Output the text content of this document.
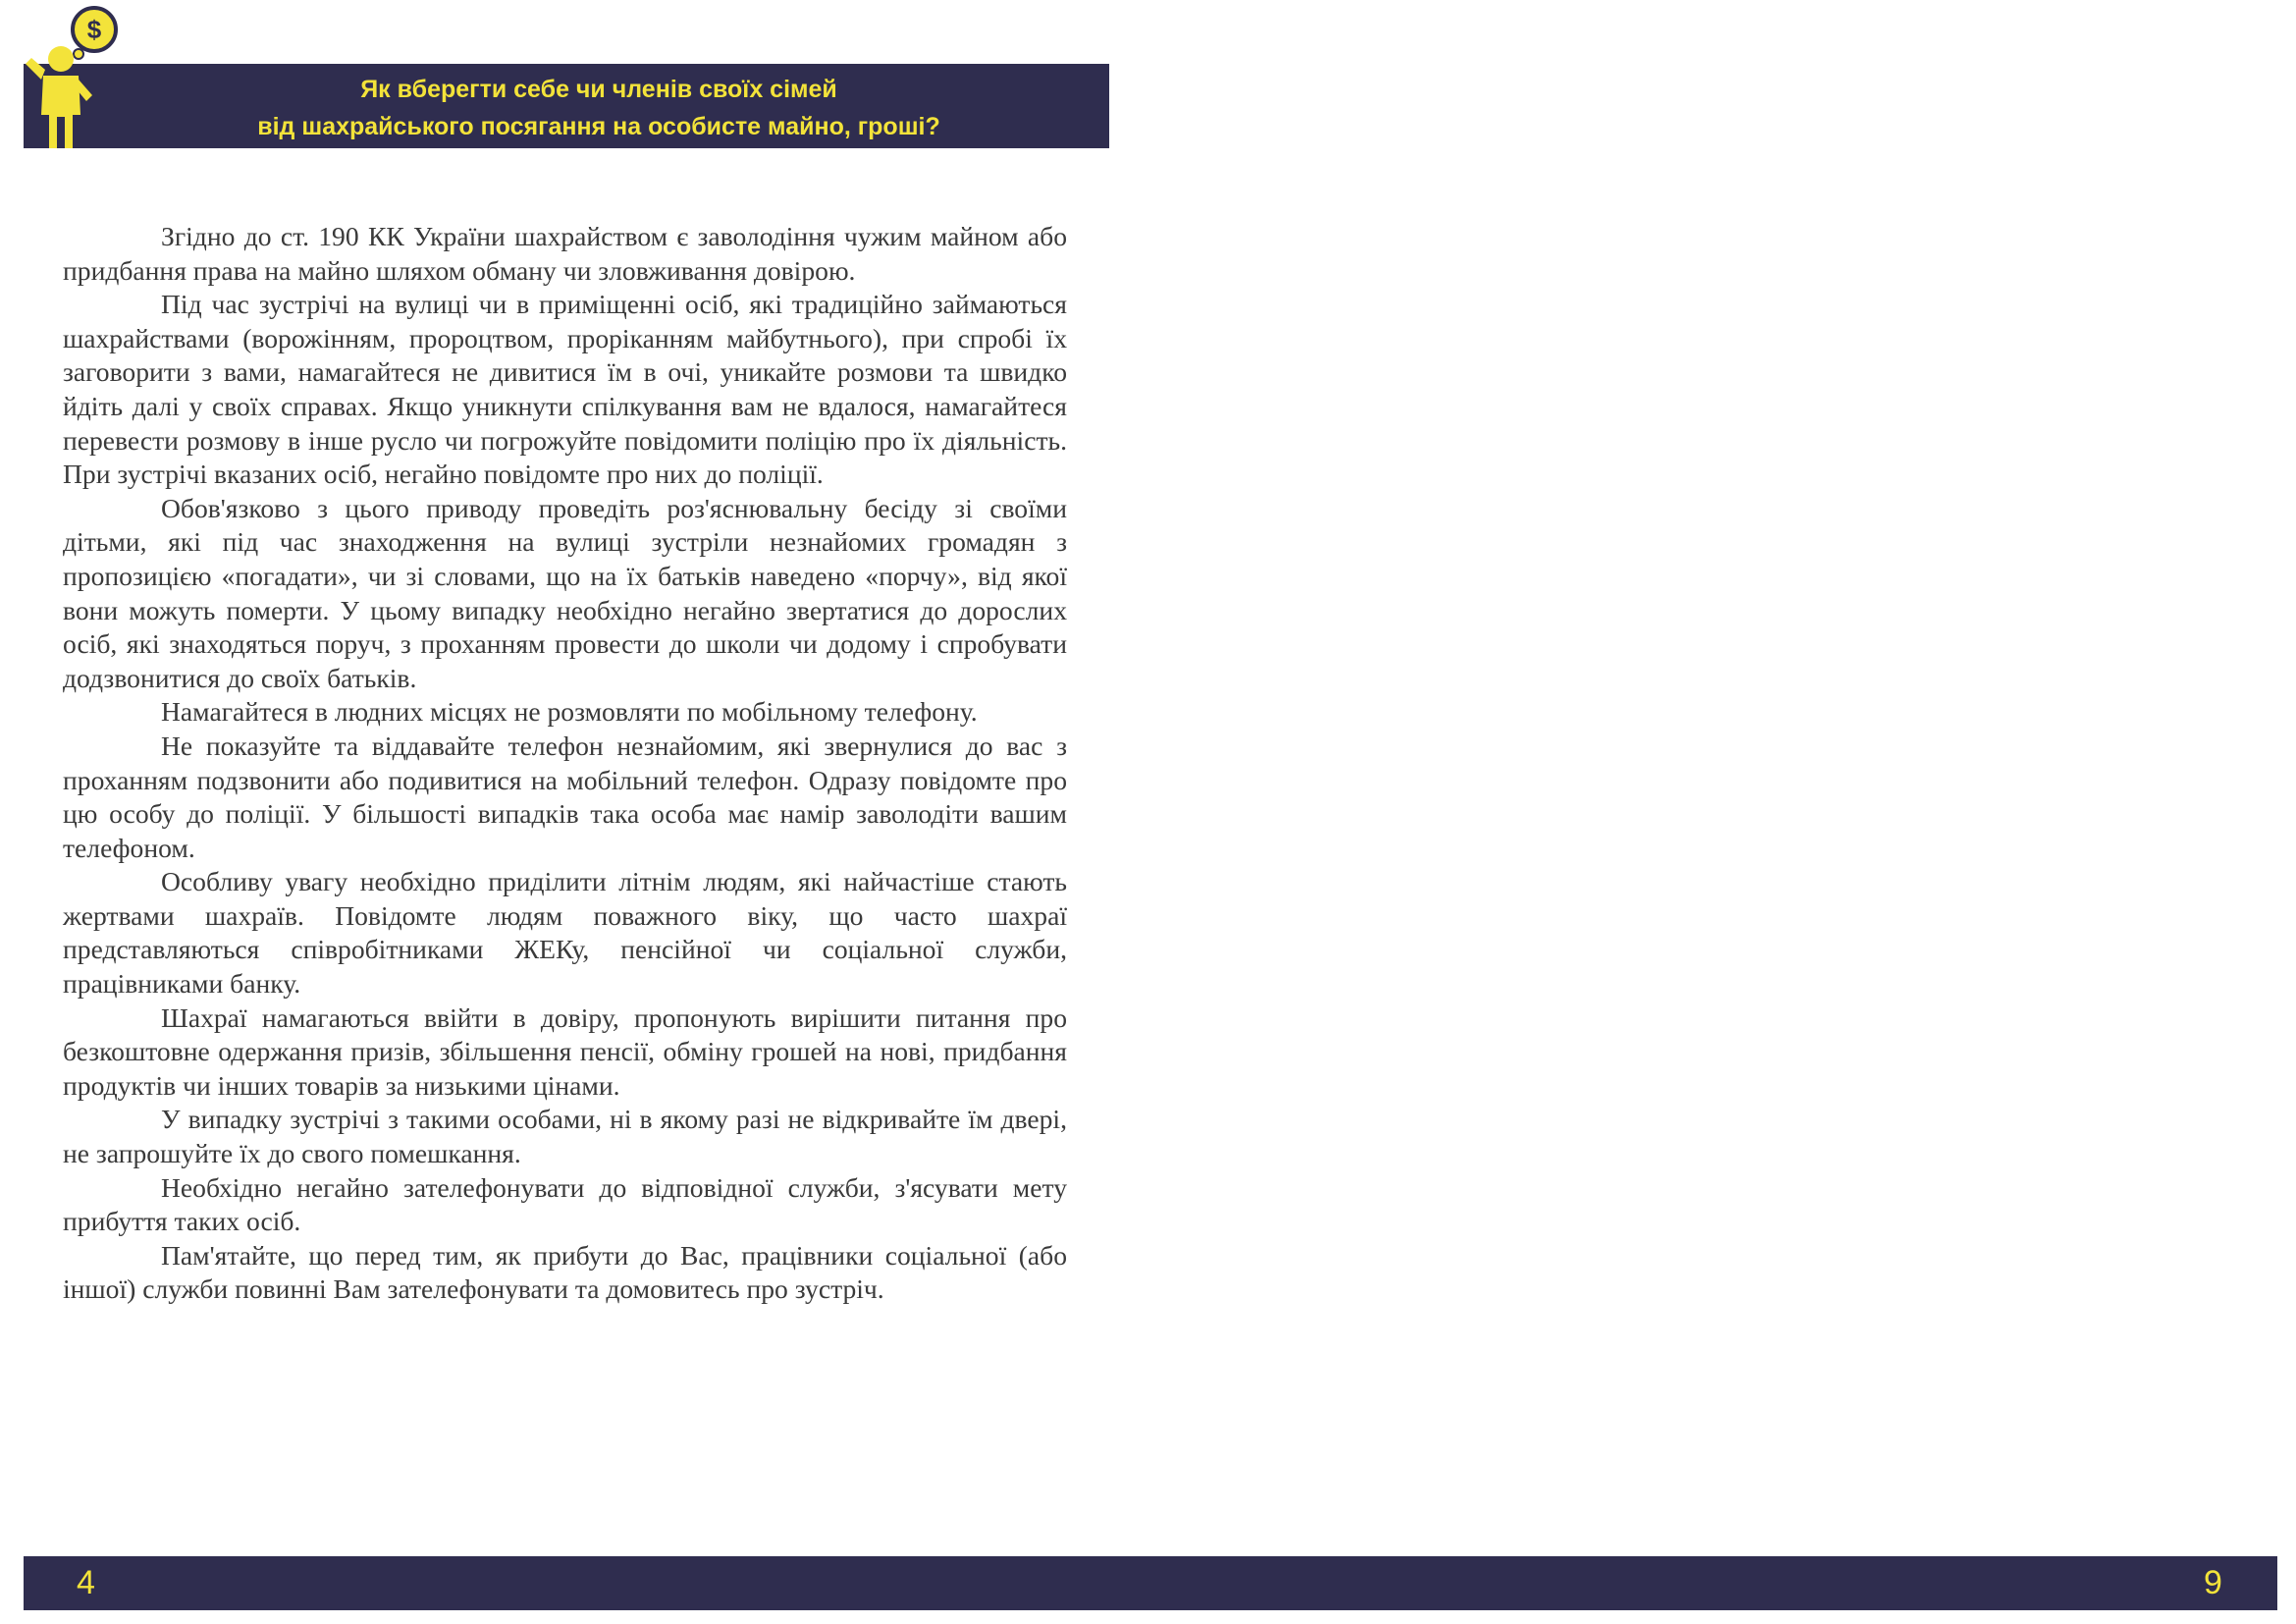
$
Як вберегти себе чи членів своїх сімей
від шахрайського посягання на особисте майно, гроші?

Згідно до ст. 190 КК України шахрайством є заволодіння чужим майном або придбання права на майно шляхом обману чи зловживання довірою.

Під час зустрічі на вулиці чи в приміщенні осіб, які традиційно займаються шахрайствами (ворожінням, пророцтвом, проріканням майбутнього), при спробі їх заговорити з вами, намагайтеся не дивитися їм в очі, уникайте розмови та швидко йдіть далі у своїх справах. Якщо уникнути спілкування вам не вдалося, намагайтеся перевести розмову в інше русло чи погрожуйте повідомити поліцію про їх діяльність. При зустрічі вказаних осіб, негайно повідомте про них до поліції.

Обов'язково з цього приводу проведіть роз'яснювальну бесіду зі своїми дітьми, які під час знаходження на вулиці зустріли незнайомих громадян з пропозицією «погадати», чи зі словами, що на їх батьків наведено «порчу», від якої вони можуть померти. У цьому випадку необхідно негайно звертатися до дорослих осіб, які знаходяться поруч, з проханням провести до школи чи додому і спробувати додзвонитися до своїх батьків.

Намагайтеся в людних місцях не розмовляти по мобільному телефону.

Не показуйте та віддавайте телефон незнайомим, які звернулися до вас з проханням подзвонити або подивитися на мобільний телефон. Одразу повідомте про цю особу до поліції. У більшості випадків така особа має намір заволодіти вашим телефоном.

Особливу увагу необхідно приділити літнім людям, які найчастіше стають жертвами шахраїв. Повідомте людям поважного віку, що часто шахраї представляються співробітниками ЖЕКу, пенсійної чи соціальної служби, працівниками банку.

Шахраї намагаються ввійти в довіру, пропонують вирішити питання про безкоштовне одержання призів, збільшення пенсії, обміну грошей на нові, придбання продуктів чи інших товарів за низькими цінами.

У випадку зустрічі з такими особами, ні в якому разі не відкривайте їм двері, не запрошуйте їх до свого помешкання.

Необхідно негайно зателефонувати до відповідної служби, з'ясувати мету прибуття таких осіб.

Пам'ятайте, що перед тим, як прибути до Вас, працівники соціальної (або іншої) служби повинні Вам зателефонувати та домовитесь про зустріч.

4	9
